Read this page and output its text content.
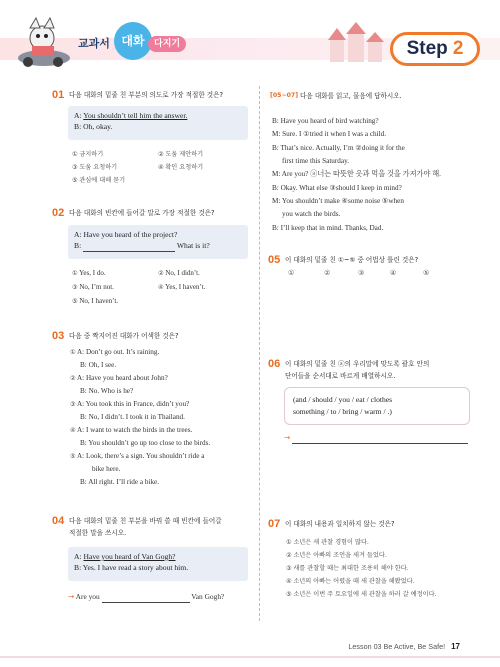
교과서 대화	다지기	Step 2
01 다음 대화의 밑줄 친 부분의 의도로 가장 적절한 것은?
A: You shouldn’t tell him the answer.
B: Oh, okay.
① 금지하기	② 도움 제안하기
③ 도움 요청하기	④ 확인 요청하기
⑤ 관심에 대해 묻기
02 다음 대화의 빈칸에 들어갈 말로 가장 적절한 것은?
A: Have you heard of the project?
B:	What is it?
① Yes, I do.	② No, I didn’t.
③ No, I’m not.	④ Yes, I haven’t.
⑤ No, I haven’t.
03 다음 중 짝지어진 대화가 어색한 것은?
① A: Don’t go out. It’s raining.
B: Oh, I see.
② A: Have you heard about John?
B: No. Who is he?
③ A: You took this in France, didn’t you?
B: No, I didn’t. I took it in Thailand.
④ A: I want to watch the birds in the trees.
B: You shouldn’t go up too close to the birds.
⑤ A: Look, there’s a sign. You shouldn’t ride a
bike here.
B: All right. I’ll ride a bike.
04 다음 대화의 밑줄 친 부분을 바꿔 쓸 때 빈칸에 들어갈
적절한 말을 쓰시오.
A: Have you heard of Van Gogh?
B: Yes. I have read a story about him.
→ Are you	Van Gogh?
[05~07] 다음 대화를 읽고, 물음에 답하시오.
B: Have you heard of bird watching?
M: Sure. I ①tried it when I was a child.
B: That’s nice. Actually, I’m ②doing it for the
first time this Saturday.
M: Are you? ⓐ너는 따뜻한 옷과 먹을 것을 가져가야 해.
B: Okay. What else ③should I keep in mind?
M: You shouldn’t make ④some noise ⑤when
you watch the birds.
B: I’ll keep that in mind. Thanks, Dad.
05 이 대화의 밑줄 친 ①~⑤ 중 어법상 틀린 것은?
①	②	③	④	⑤
06 이 대화의 밑줄 친 ⓐ의 우리말에 맞도록 괄호 안의
단어들을 순서대로 바르게 배열하시오.
(and / should / you / eat / clothes
something / to / bring / warm / .)
→
07 이 대화의 내용과 일치하지 않는 것은?
① 소년은 새 관찰 경험이 많다.
② 소년은 아빠의 조언을 새겨 들었다.
③ 새를 관찰할 때는 최대한 조용히 해야 한다.
④ 소년의 아빠는 어렸을 때 새 관찰을 해봤었다.
⑤ 소년은 이번 주 토요일에 새 관찰을 하러 갈 예정이다.
Lesson 03 Be Active, Be Safe! 17
